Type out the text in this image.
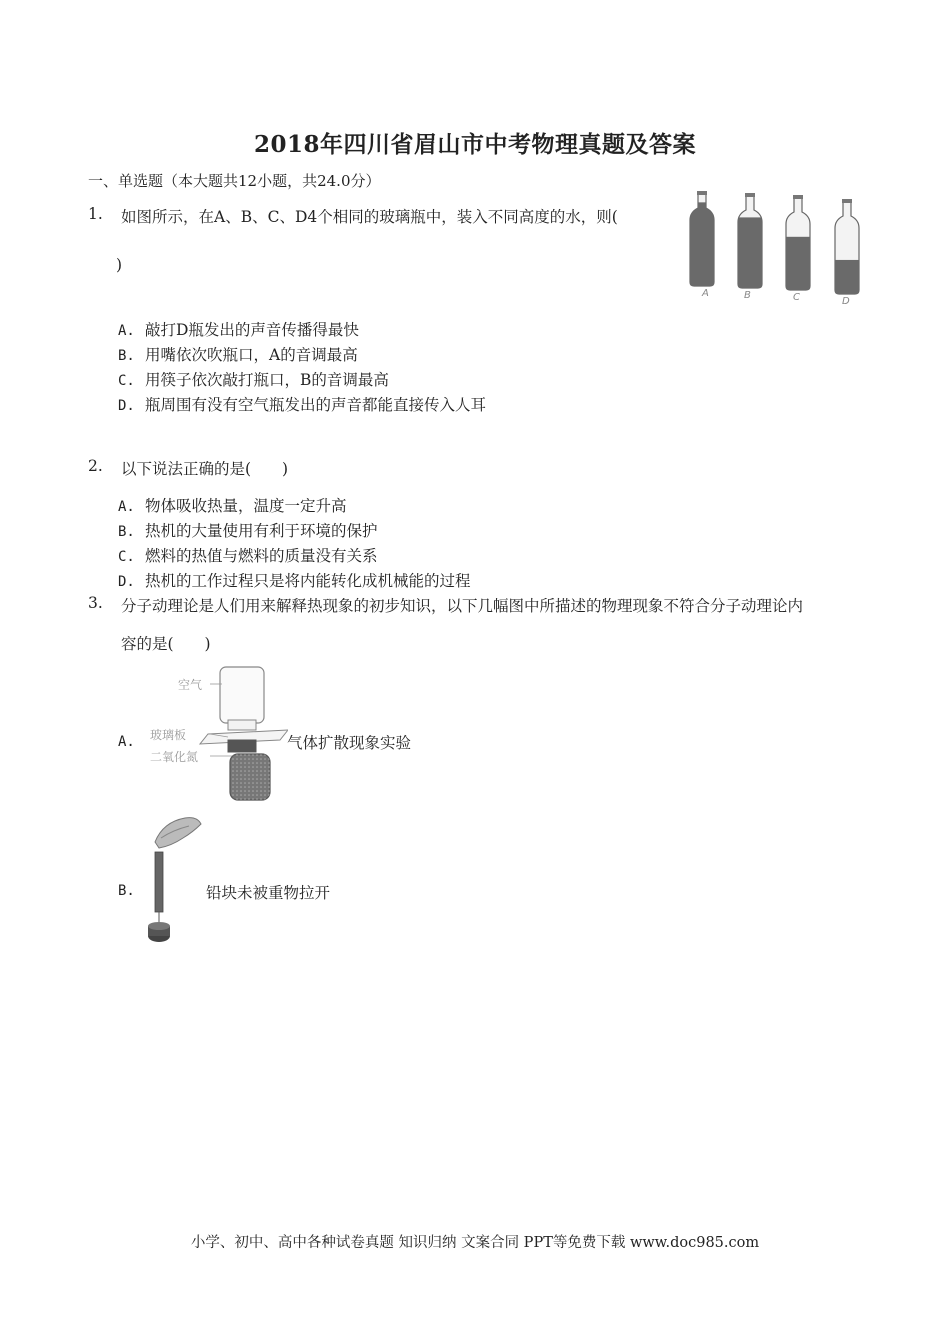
2018年四川省眉山市中考物理真题及答案
一、单选题（本大题共12小题，共24.0分）
1. 如图所示，在A、B、C、D4个相同的玻璃瓶中，装入不同高度的水，则(
)
A	B	C	D
A. 敲打D瓶发出的声音传播得最快
B. 用嘴依次吹瓶口，A的音调最高
C. 用筷子依次敲打瓶口，B的音调最高
D. 瓶周围有没有空气瓶发出的声音都能直接传入人耳
2. 以下说法正确的是(　　)
A. 物体吸收热量，温度一定升高
B. 热机的大量使用有利于环境的保护
C. 燃料的热值与燃料的质量没有关系
D. 热机的工作过程只是将内能转化成机械能的过程
3. 分子动理论是人们用来解释热现象的初步知识，以下几幅图中所描述的物理现象不符合分子动理论内
容的是(　　)
A.
空气
玻璃板
二氧化氮
气体扩散现象实验
B.	铅块未被重物拉开
小学、初中、高中各种试卷真题 知识归纳 文案合同 PPT等免费下载 www.doc985.com
